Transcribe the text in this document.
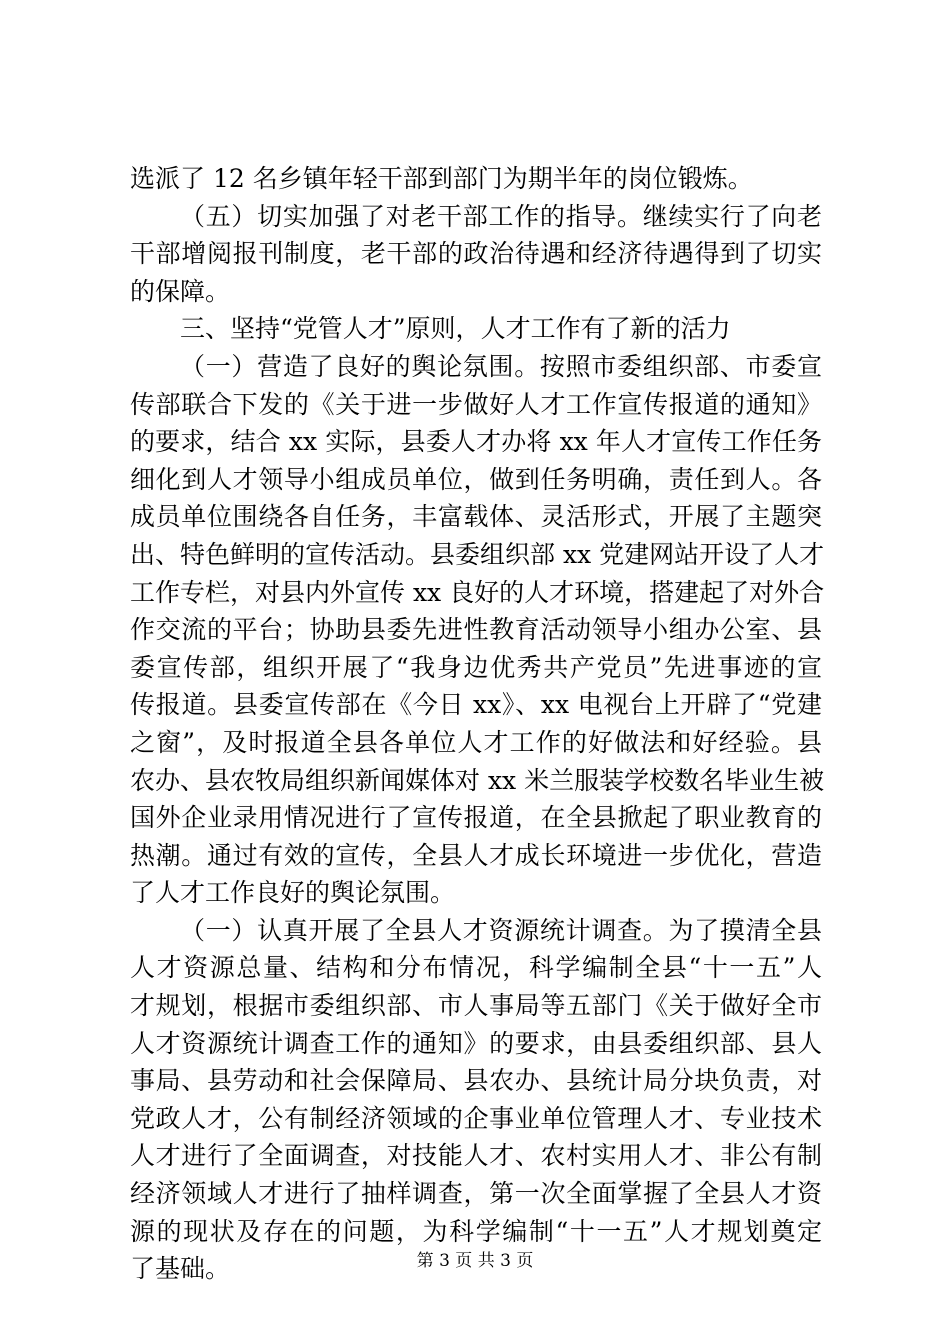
选派了 12 名乡镇年轻干部到部门为期半年的岗位锻炼。
（五）切实加强了对老干部工作的指导。继续实行了向老
干部增阅报刊制度，老干部的政治待遇和经济待遇得到了切实
的保障。
三、坚持“党管人才”原则，人才工作有了新的活力
（一）营造了良好的舆论氛围。按照市委组织部、市委宣
传部联合下发的《关于进一步做好人才工作宣传报道的通知》
的要求，结合 xx 实际，县委人才办将 xx 年人才宣传工作任务
细化到人才领导小组成员单位，做到任务明确，责任到人。各
成员单位围绕各自任务，丰富载体、灵活形式，开展了主题突
出、特色鲜明的宣传活动。县委组织部 xx 党建网站开设了人才
工作专栏，对县内外宣传 xx 良好的人才环境，搭建起了对外合
作交流的平台；协助县委先进性教育活动领导小组办公室、县
委宣传部，组织开展了“我身边优秀共产党员”先进事迹的宣
传报道。县委宣传部在《今日 xx》、xx 电视台上开辟了“党建
之窗”，及时报道全县各单位人才工作的好做法和好经验。县
农办、县农牧局组织新闻媒体对 xx 米兰服装学校数名毕业生被
国外企业录用情况进行了宣传报道，在全县掀起了职业教育的
热潮。通过有效的宣传，全县人才成长环境进一步优化，营造
了人才工作良好的舆论氛围。
（一）认真开展了全县人才资源统计调查。为了摸清全县
人才资源总量、结构和分布情况，科学编制全县“十一五”人
才规划，根据市委组织部、市人事局等五部门《关于做好全市
人才资源统计调查工作的通知》的要求，由县委组织部、县人
事局、县劳动和社会保障局、县农办、县统计局分块负责，对
党政人才，公有制经济领域的企事业单位管理人才、专业技术
人才进行了全面调查，对技能人才、农村实用人才、非公有制
经济领域人才进行了抽样调查，第一次全面掌握了全县人才资
源的现状及存在的问题，为科学编制“十一五”人才规划奠定
了基础。	第 3 页 共 3 页
